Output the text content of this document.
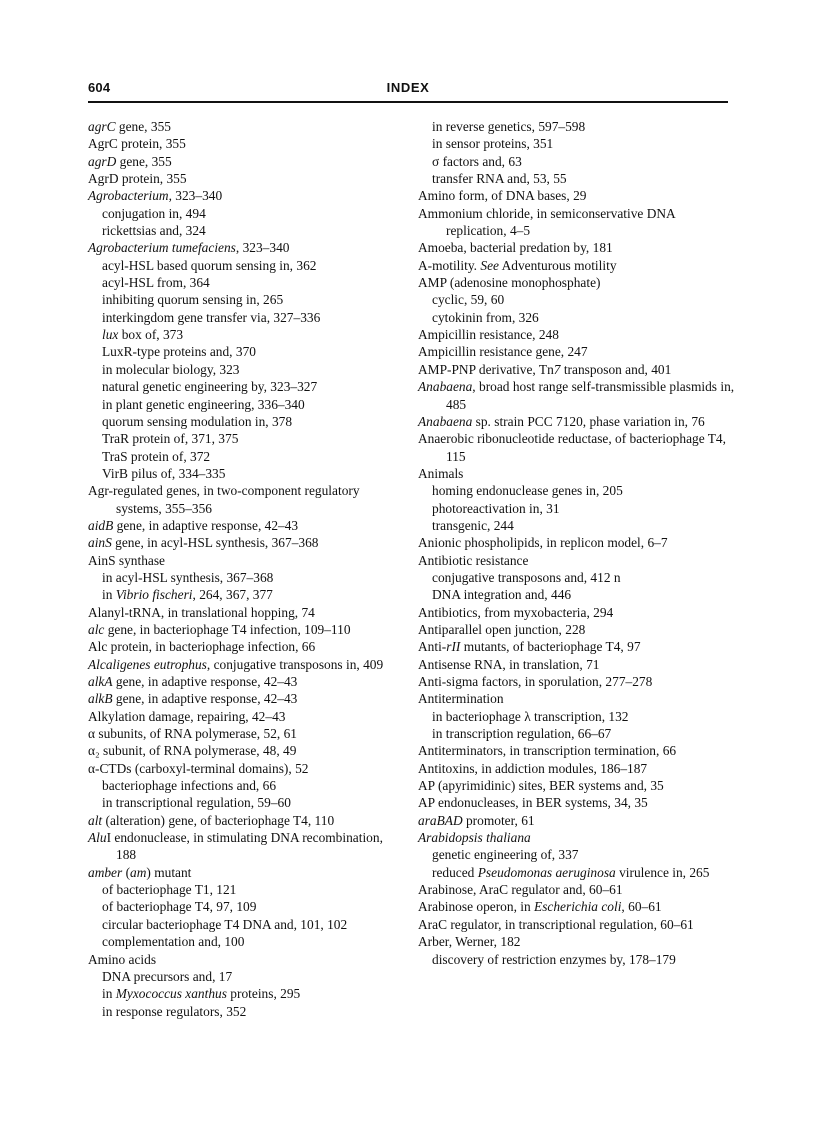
604	INDEX

agrC gene, 355

AgrC protein, 355

agrD gene, 355

AgrD protein, 355

Agrobacterium, 323–340

conjugation in, 494

rickettsias and, 324

Agrobacterium tumefaciens, 323–340

acyl-HSL based quorum sensing in, 362

acyl-HSL from, 364

inhibiting quorum sensing in, 265

interkingdom gene transfer via, 327–336

lux box of, 373

LuxR-type proteins and, 370

in molecular biology, 323

natural genetic engineering by, 323–327

in plant genetic engineering, 336–340

quorum sensing modulation in, 378

TraR protein of, 371, 375

TraS protein of, 372

VirB pilus of, 334–335

Agr-regulated genes, in two-component regulatory systems, 355–356

aidB gene, in adaptive response, 42–43

ainS gene, in acyl-HSL synthesis, 367–368

AinS synthase

in acyl-HSL synthesis, 367–368

in Vibrio fischeri, 264, 367, 377

Alanyl-tRNA, in translational hopping, 74

alc gene, in bacteriophage T4 infection, 109–110

Alc protein, in bacteriophage infection, 66

Alcaligenes eutrophus, conjugative transposons in, 409

alkA gene, in adaptive response, 42–43

alkB gene, in adaptive response, 42–43

Alkylation damage, repairing, 42–43

α subunits, of RNA polymerase, 52, 61

α₂ subunit, of RNA polymerase, 48, 49

α-CTDs (carboxyl-terminal domains), 52

bacteriophage infections and, 66

in transcriptional regulation, 59–60

alt (alteration) gene, of bacteriophage T4, 110

AluI endonuclease, in stimulating DNA recombination, 188

amber (am) mutant

of bacteriophage T1, 121

of bacteriophage T4, 97, 109

circular bacteriophage T4 DNA and, 101, 102

complementation and, 100

Amino acids

DNA precursors and, 17

in Myxococcus xanthus proteins, 295

in response regulators, 352

in reverse genetics, 597–598

in sensor proteins, 351

σ factors and, 63

transfer RNA and, 53, 55

Amino form, of DNA bases, 29

Ammonium chloride, in semiconservative DNA replication, 4–5

Amoeba, bacterial predation by, 181

A-motility. See Adventurous motility

AMP (adenosine monophosphate)

cyclic, 59, 60

cytokinin from, 326

Ampicillin resistance, 248

Ampicillin resistance gene, 247

AMP-PNP derivative, Tn7 transposon and, 401

Anabaena, broad host range self-transmissible plasmids in, 485

Anabaena sp. strain PCC 7120, phase variation in, 76

Anaerobic ribonucleotide reductase, of bacteriophage T4, 115

Animals

homing endonuclease genes in, 205

photoreactivation in, 31

transgenic, 244

Anionic phospholipids, in replicon model, 6–7

Antibiotic resistance

conjugative transposons and, 412 n

DNA integration and, 446

Antibiotics, from myxobacteria, 294

Antiparallel open junction, 228

Anti-rII mutants, of bacteriophage T4, 97

Antisense RNA, in translation, 71

Anti-sigma factors, in sporulation, 277–278

Antitermination

in bacteriophage λ transcription, 132

in transcription regulation, 66–67

Antiterminators, in transcription termination, 66

Antitoxins, in addiction modules, 186–187

AP (apyrimidinic) sites, BER systems and, 35

AP endonucleases, in BER systems, 34, 35

araBAD promoter, 61

Arabidopsis thaliana

genetic engineering of, 337

reduced Pseudomonas aeruginosa virulence in, 265

Arabinose, AraC regulator and, 60–61

Arabinose operon, in Escherichia coli, 60–61

AraC regulator, in transcriptional regulation, 60–61

Arber, Werner, 182

discovery of restriction enzymes by, 178–179
